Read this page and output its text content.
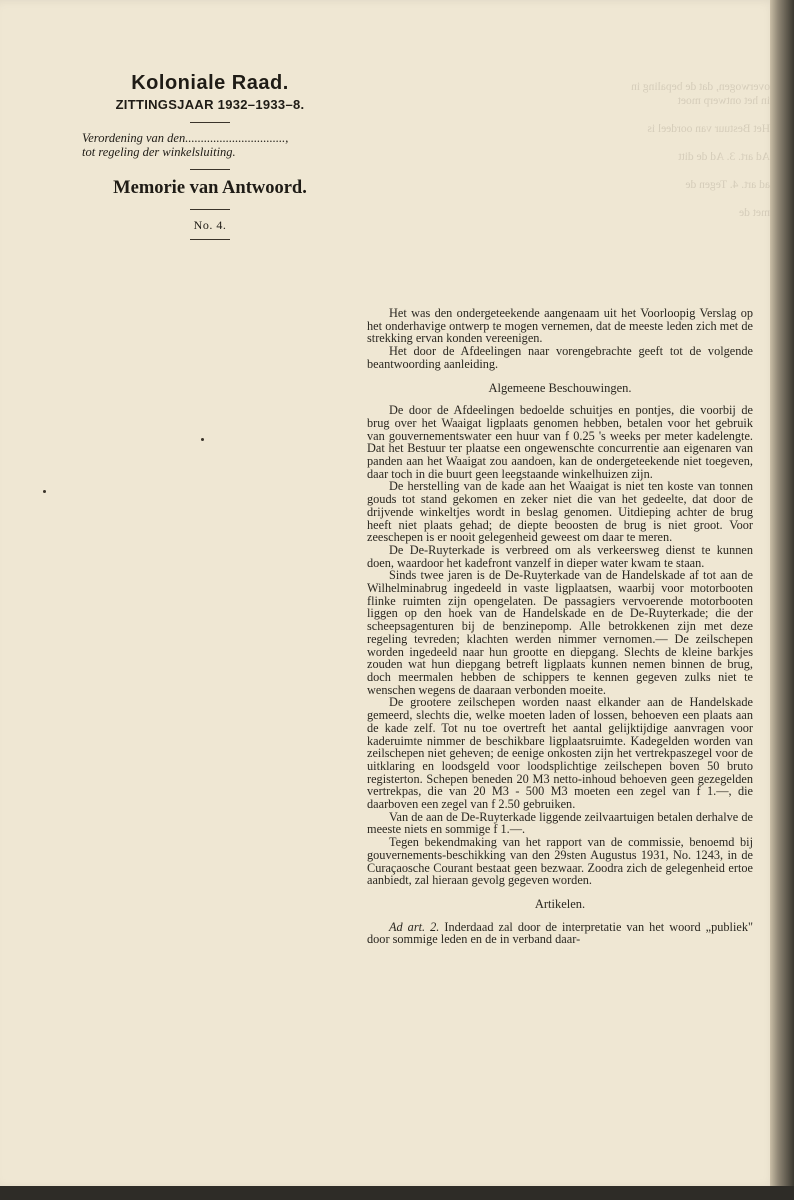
overwogen, dat de bepaling in
in het ontwerp moet
Het Bestuur van oordeel is
Ad art. 3. Ad de ditt
ad art. 4. Tegen de
met de
Koloniale Raad.
ZITTINGSJAAR 1932–1933–8.
Verordening van den................................,
tot regeling der winkelsluiting.
Memorie van Antwoord.
No. 4.

Het was den ondergeteekende aangenaam uit het Voorloopig Verslag op het onderhavige ontwerp te mogen vernemen, dat de meeste leden zich met de strekking ervan konden vereenigen.

Het door de Afdeelingen naar vorengebrachte geeft tot de volgende beantwoording aanleiding.

Algemeene Beschouwingen.

De door de Afdeelingen bedoelde schuitjes en pontjes, die voorbij de brug over het Waaigat ligplaats genomen hebben, betalen voor het gebruik van gouvernementswater een huur van f 0.25 's weeks per meter kadelengte. Dat het Bestuur ter plaatse een ongewenschte concurrentie aan eigenaren van panden aan het Waaigat zou aandoen, kan de ondergeteekende niet toegeven, daar toch in die buurt geen leegstaande winkelhuizen zijn.

De herstelling van de kade aan het Waaigat is niet ten koste van tonnen gouds tot stand gekomen en zeker niet die van het gedeelte, dat door de drijvende winkeltjes wordt in beslag genomen. Uitdieping achter de brug heeft niet plaats gehad; de diepte beoosten de brug is niet groot. Voor zeeschepen is er nooit gelegenheid geweest om daar te meren.

De De-Ruyterkade is verbreed om als verkeersweg dienst te kunnen doen, waardoor het kadefront vanzelf in dieper water kwam te staan.

Sinds twee jaren is de De-Ruyterkade van de Handelskade af tot aan de Wilhelminabrug ingedeeld in vaste ligplaatsen, waarbij voor motorbooten flinke ruimten zijn opengelaten. De passagiers vervoerende motorbooten liggen op den hoek van de Handelskade en de De-Ruyterkade; die der scheepsagenturen bij de benzinepomp. Alle betrokkenen zijn met deze regeling tevreden; klachten werden nimmer vernomen.— De zeilschepen worden ingedeeld naar hun grootte en diepgang. Slechts de kleine barkjes zouden wat hun diepgang betreft ligplaats kunnen nemen binnen de brug, doch meermalen hebben de schippers te kennen gegeven zulks niet te wenschen wegens de daaraan verbonden moeite.

De grootere zeilschepen worden naast elkander aan de Handelskade gemeerd, slechts die, welke moeten laden of lossen, behoeven een plaats aan de kade zelf. Tot nu toe overtreft het aantal gelijktijdige aanvragen voor kaderuimte nimmer de beschikbare ligplaatsruimte. Kadegelden worden van zeilschepen niet geheven; de eenige onkosten zijn het vertrekpaszegel voor de uitklaring en loodsgeld voor loodsplichtige zeilschepen boven 50 bruto registerton. Schepen beneden 20 M3 netto-inhoud behoeven geen gezegelden vertrekpas, die van 20 M3 - 500 M3 moeten een zegel van f 1.—, die daarboven een zegel van f 2.50 gebruiken.

Van de aan de De-Ruyterkade liggende zeilvaartuigen betalen derhalve de meeste niets en sommige f 1.—.

Tegen bekendmaking van het rapport van de commissie, benoemd bij gouvernements-beschikking van den 29sten Augustus 1931, No. 1243, in de Curaçaosche Courant bestaat geen bezwaar. Zoodra zich de gelegenheid ertoe aanbiedt, zal hieraan gevolg gegeven worden.

Artikelen.

Ad art. 2. Inderdaad zal door de interpretatie van het woord „publiek" door sommige leden en de in verband daar-
